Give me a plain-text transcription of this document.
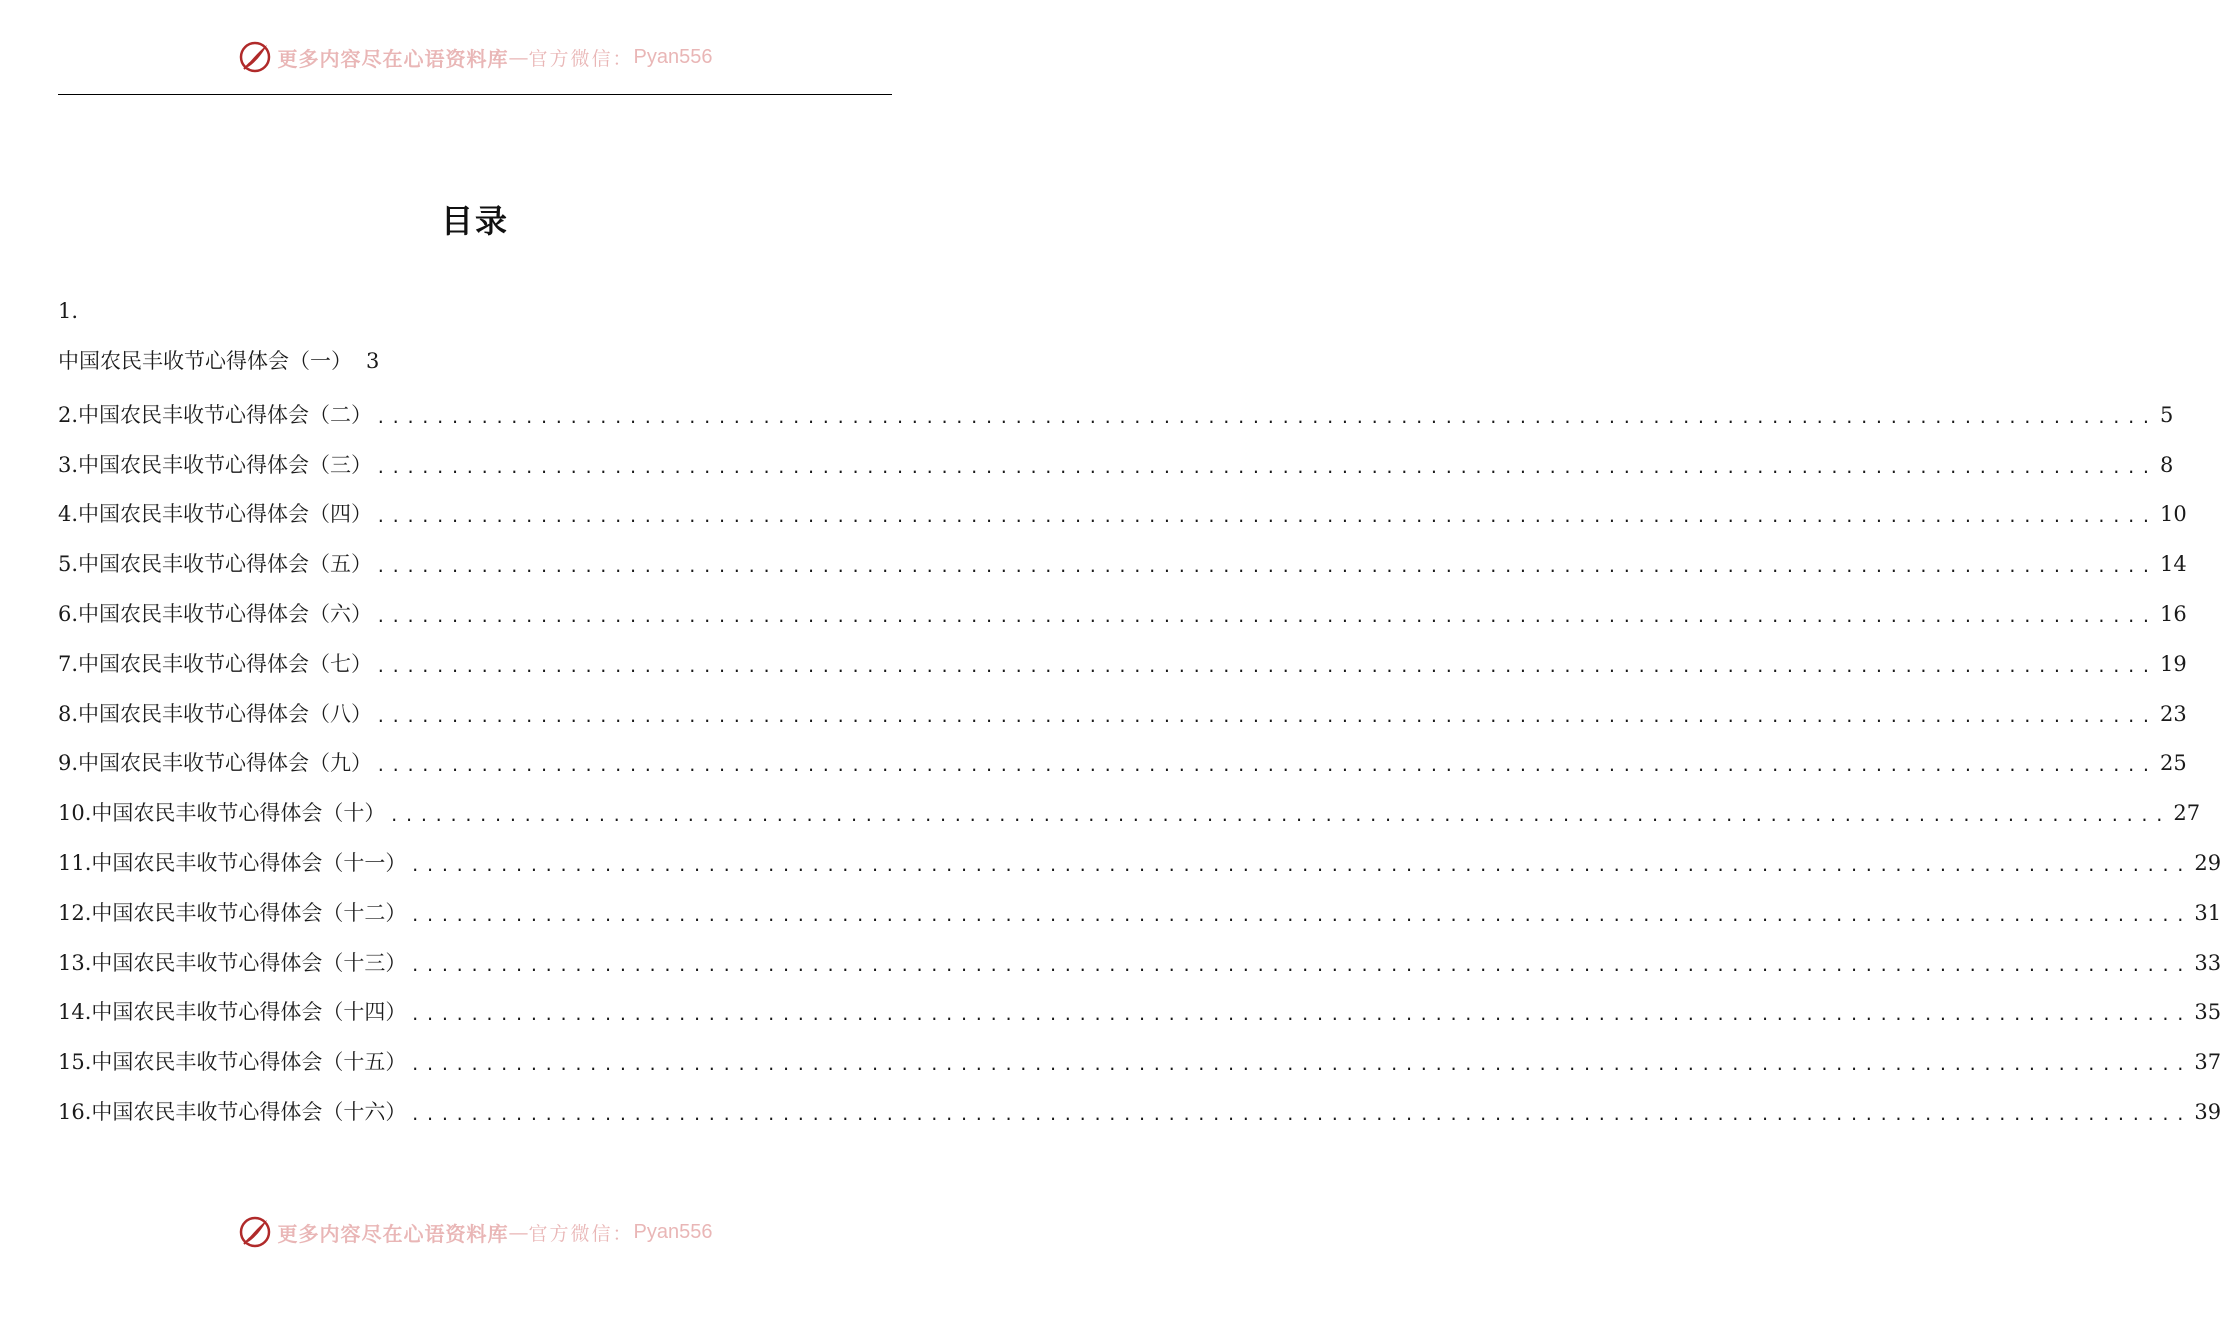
更多内容尽在心语资料库 — 官方微信： Pyan556
目录
1.
中国农民丰收节心得体会（一） 3
2.中国农民丰收节心得体会（二） ........................................................................................................................ 5
3.中国农民丰收节心得体会（三） ........................................................................................................................ 8
4.中国农民丰收节心得体会（四） ........................................................................................................................ 10
5.中国农民丰收节心得体会（五） ........................................................................................................................ 14
6.中国农民丰收节心得体会（六） ........................................................................................................................ 16
7.中国农民丰收节心得体会（七） ........................................................................................................................ 19
8.中国农民丰收节心得体会（八） ........................................................................................................................ 23
9.中国农民丰收节心得体会（九） ........................................................................................................................ 25
10.中国农民丰收节心得体会（十） ........................................................................................................................ 27
11.中国农民丰收节心得体会（十一） ........................................................................................................................ 29
12.中国农民丰收节心得体会（十二） ........................................................................................................................ 31
13.中国农民丰收节心得体会（十三） ........................................................................................................................ 33
14.中国农民丰收节心得体会（十四） ........................................................................................................................ 35
15.中国农民丰收节心得体会（十五） ........................................................................................................................ 37
16.中国农民丰收节心得体会（十六） ........................................................................................................................ 39
更多内容尽在心语资料库 — 官方微信： Pyan556
